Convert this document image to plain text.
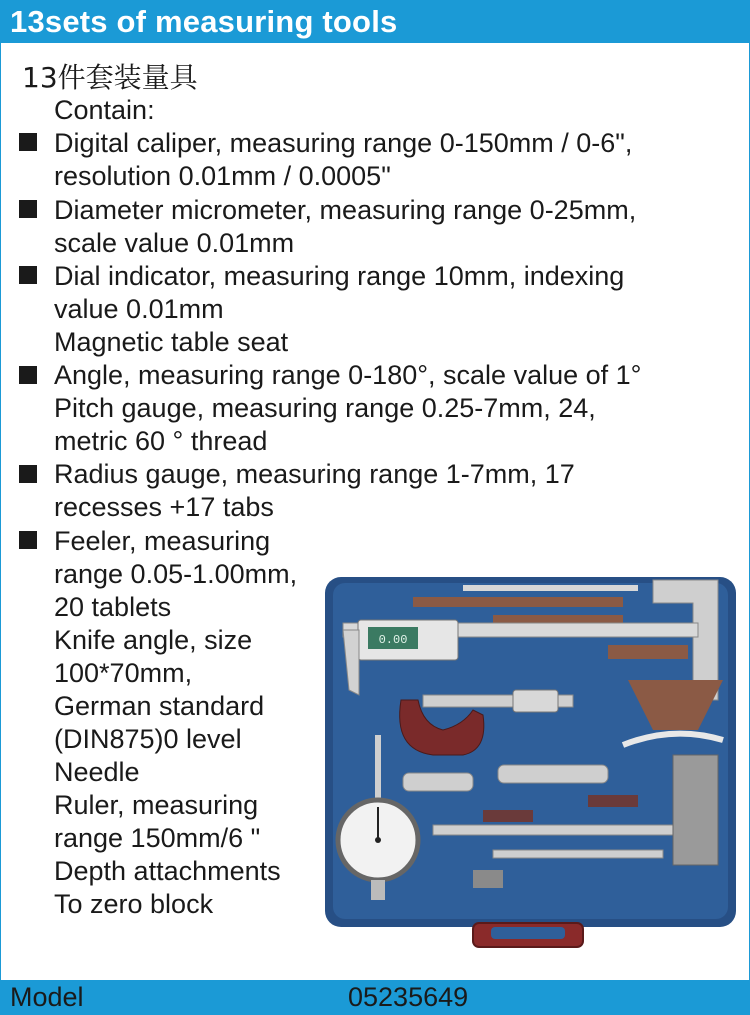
13sets of measuring tools
13件套装量具
Contain:
Digital caliper, measuring range 0-150mm / 0-6",
resolution 0.01mm / 0.0005"
Diameter micrometer, measuring range 0-25mm,
scale value 0.01mm
Dial indicator, measuring range 10mm, indexing
value 0.01mm
Magnetic table seat
Angle, measuring range 0-180°, scale value of 1°
Pitch gauge, measuring range 0.25-7mm, 24,
metric 60 ° thread
Radius gauge, measuring range 1-7mm, 17
recesses +17 tabs
Feeler, measuring
range 0.05-1.00mm,
20 tablets
Knife angle, size
100*70mm,
German standard
(DIN875)0 level
Needle
Ruler, measuring
range 150mm/6 "
Depth attachments
To zero block
0.00
Model	05235649
